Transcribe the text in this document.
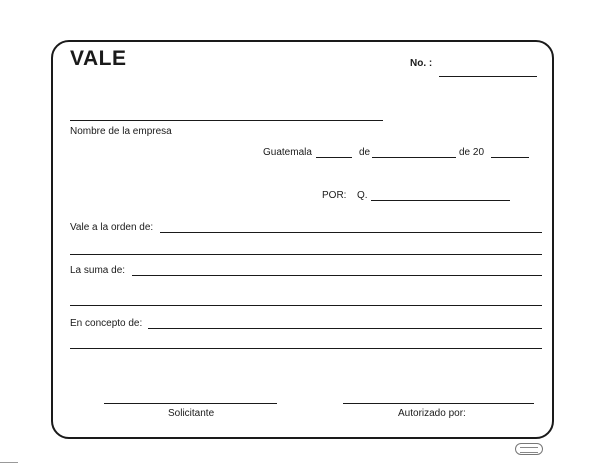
VALE	No. :
Nombre de la empresa
Guatemala	de	de 20
POR: Q.
Vale a la orden de:
La suma de:
En concepto de:
Solicitante	Autorizado por:
